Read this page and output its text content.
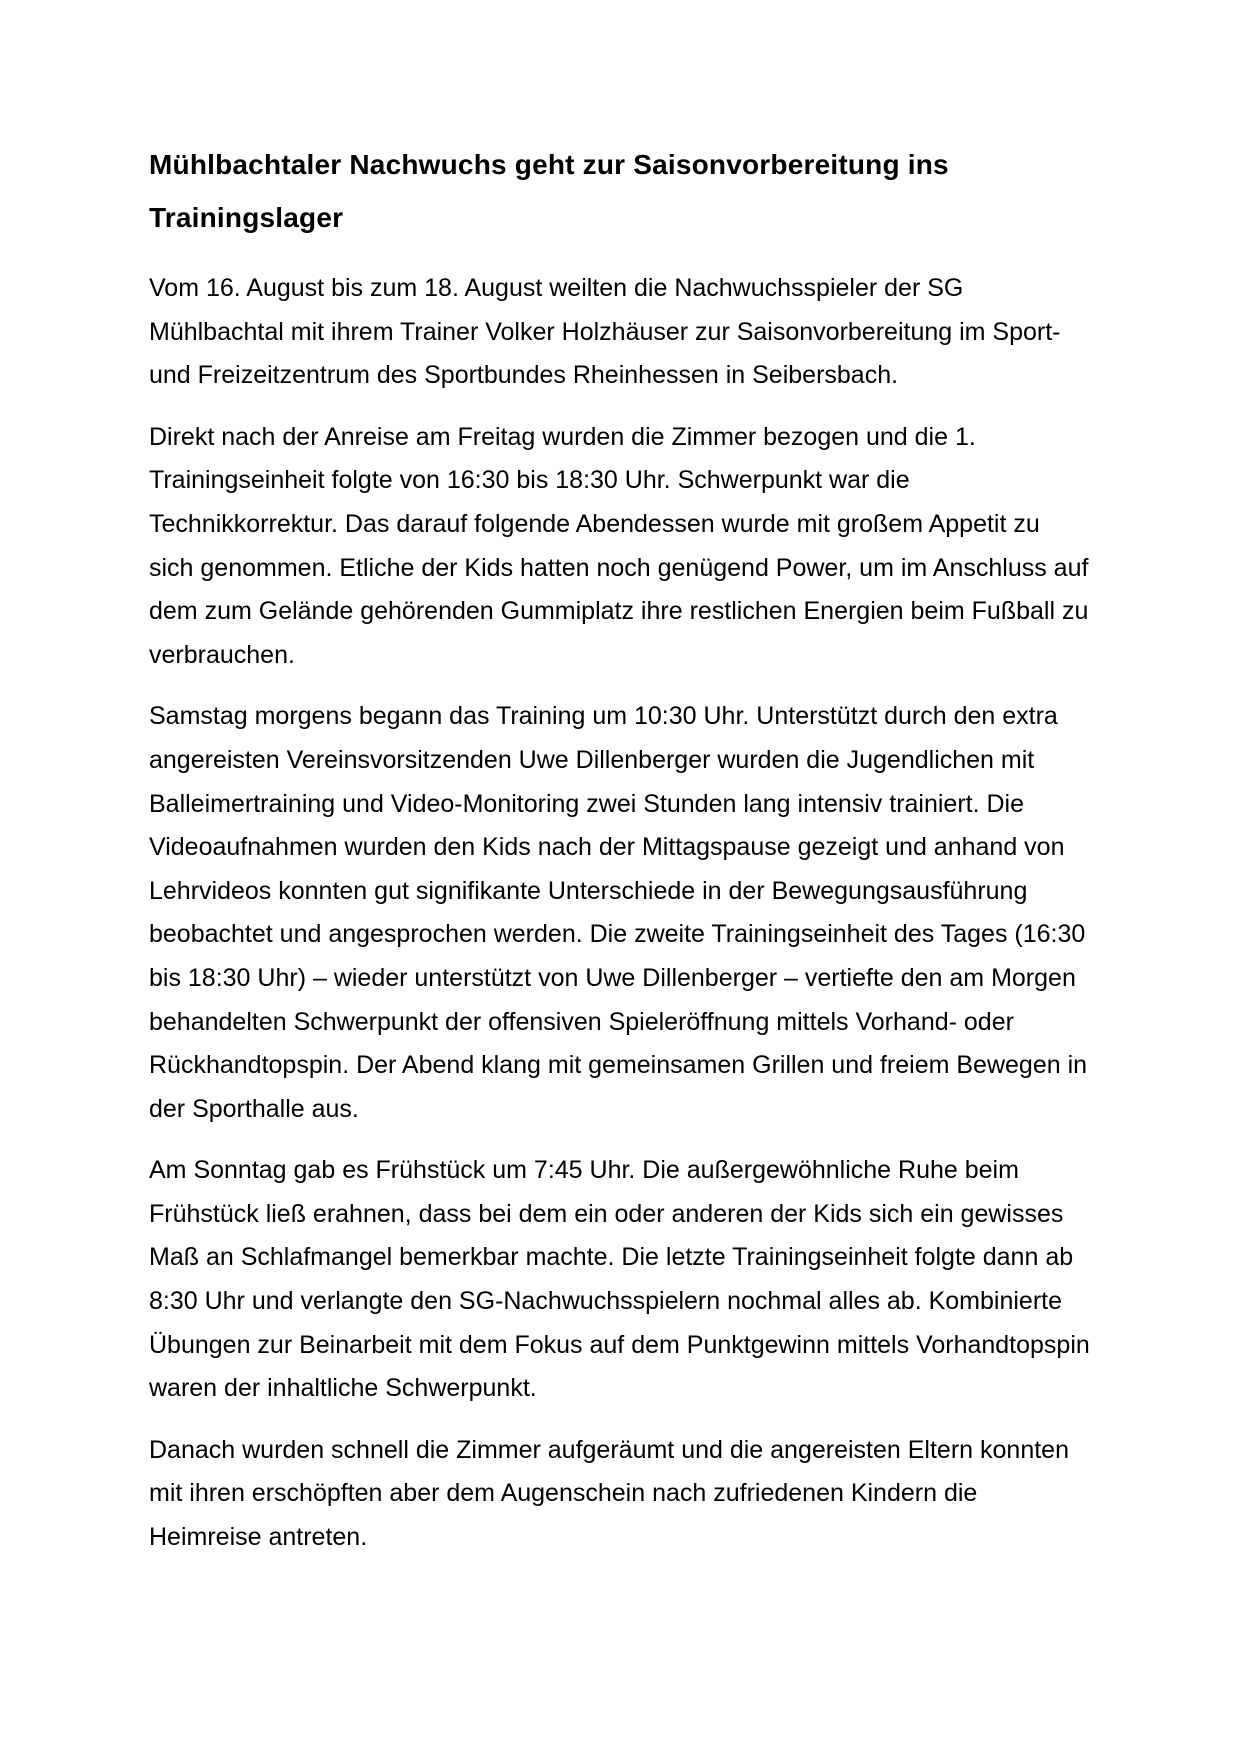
Mühlbachtaler Nachwuchs geht zur Saisonvorbereitung ins
Trainingslager

Vom 16. August bis zum 18. August weilten die Nachwuchsspieler der SG
Mühlbachtal mit ihrem Trainer Volker Holzhäuser zur Saisonvorbereitung im Sport-
und Freizeitzentrum des Sportbundes Rheinhessen in Seibersbach.

Direkt nach der Anreise am Freitag wurden die Zimmer bezogen und die 1.
Trainingseinheit folgte von 16:30 bis 18:30 Uhr. Schwerpunkt war die
Technikkorrektur. Das darauf folgende Abendessen wurde mit großem Appetit zu
sich genommen. Etliche der Kids hatten noch genügend Power, um im Anschluss auf
dem zum Gelände gehörenden Gummiplatz ihre restlichen Energien beim Fußball zu
verbrauchen.

Samstag morgens begann das Training um 10:30 Uhr. Unterstützt durch den extra
angereisten Vereinsvorsitzenden Uwe Dillenberger wurden die Jugendlichen mit
Balleimertraining und Video-Monitoring zwei Stunden lang intensiv trainiert. Die
Videoaufnahmen wurden den Kids nach der Mittagspause gezeigt und anhand von
Lehrvideos konnten gut signifikante Unterschiede in der Bewegungsausführung
beobachtet und angesprochen werden. Die zweite Trainingseinheit des Tages (16:30
bis 18:30 Uhr) – wieder unterstützt von Uwe Dillenberger – vertiefte den am Morgen
behandelten Schwerpunkt der offensiven Spieleröffnung mittels Vorhand- oder
Rückhandtopspin. Der Abend klang mit gemeinsamen Grillen und freiem Bewegen in
der Sporthalle aus.

Am Sonntag gab es Frühstück um 7:45 Uhr. Die außergewöhnliche Ruhe beim
Frühstück ließ erahnen, dass bei dem ein oder anderen der Kids sich ein gewisses
Maß an Schlafmangel bemerkbar machte. Die letzte Trainingseinheit folgte dann ab
8:30 Uhr und verlangte den SG-Nachwuchsspielern nochmal alles ab. Kombinierte
Übungen zur Beinarbeit mit dem Fokus auf dem Punktgewinn mittels Vorhandtopspin
waren der inhaltliche Schwerpunkt.

Danach wurden schnell die Zimmer aufgeräumt und die angereisten Eltern konnten
mit ihren erschöpften aber dem Augenschein nach zufriedenen Kindern die
Heimreise antreten.
